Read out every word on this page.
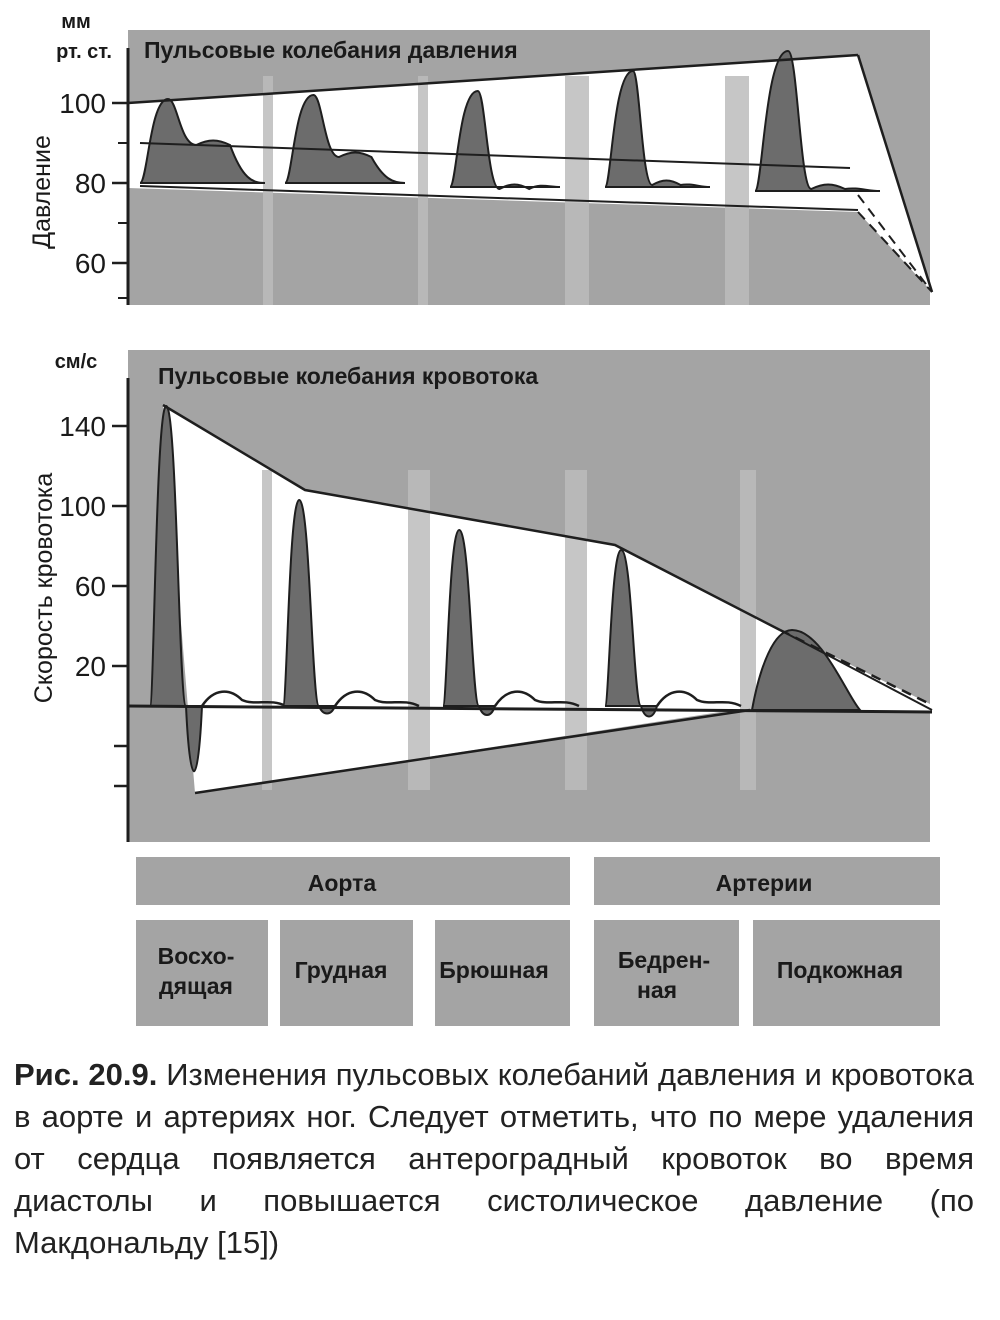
60
80
100
мм
рт. ст. Пульсовые колебания давления
Давление
20
60
100
140
см/с
Пульсовые колебания кровотока
Скорость кровотока
Аорта	Артерии
Восхо-
дящая
Грудная Брюшная	Бедрен-
ная
Подкожная
Рис. 20.9. Изменения пульсовых колебаний давления и кровотока в аорте и артериях ног. Следует отметить, что по мере удаления от сердца появляется антероградный кровоток во время диастолы и повышается систолическое давление (по Макдональду [15])
